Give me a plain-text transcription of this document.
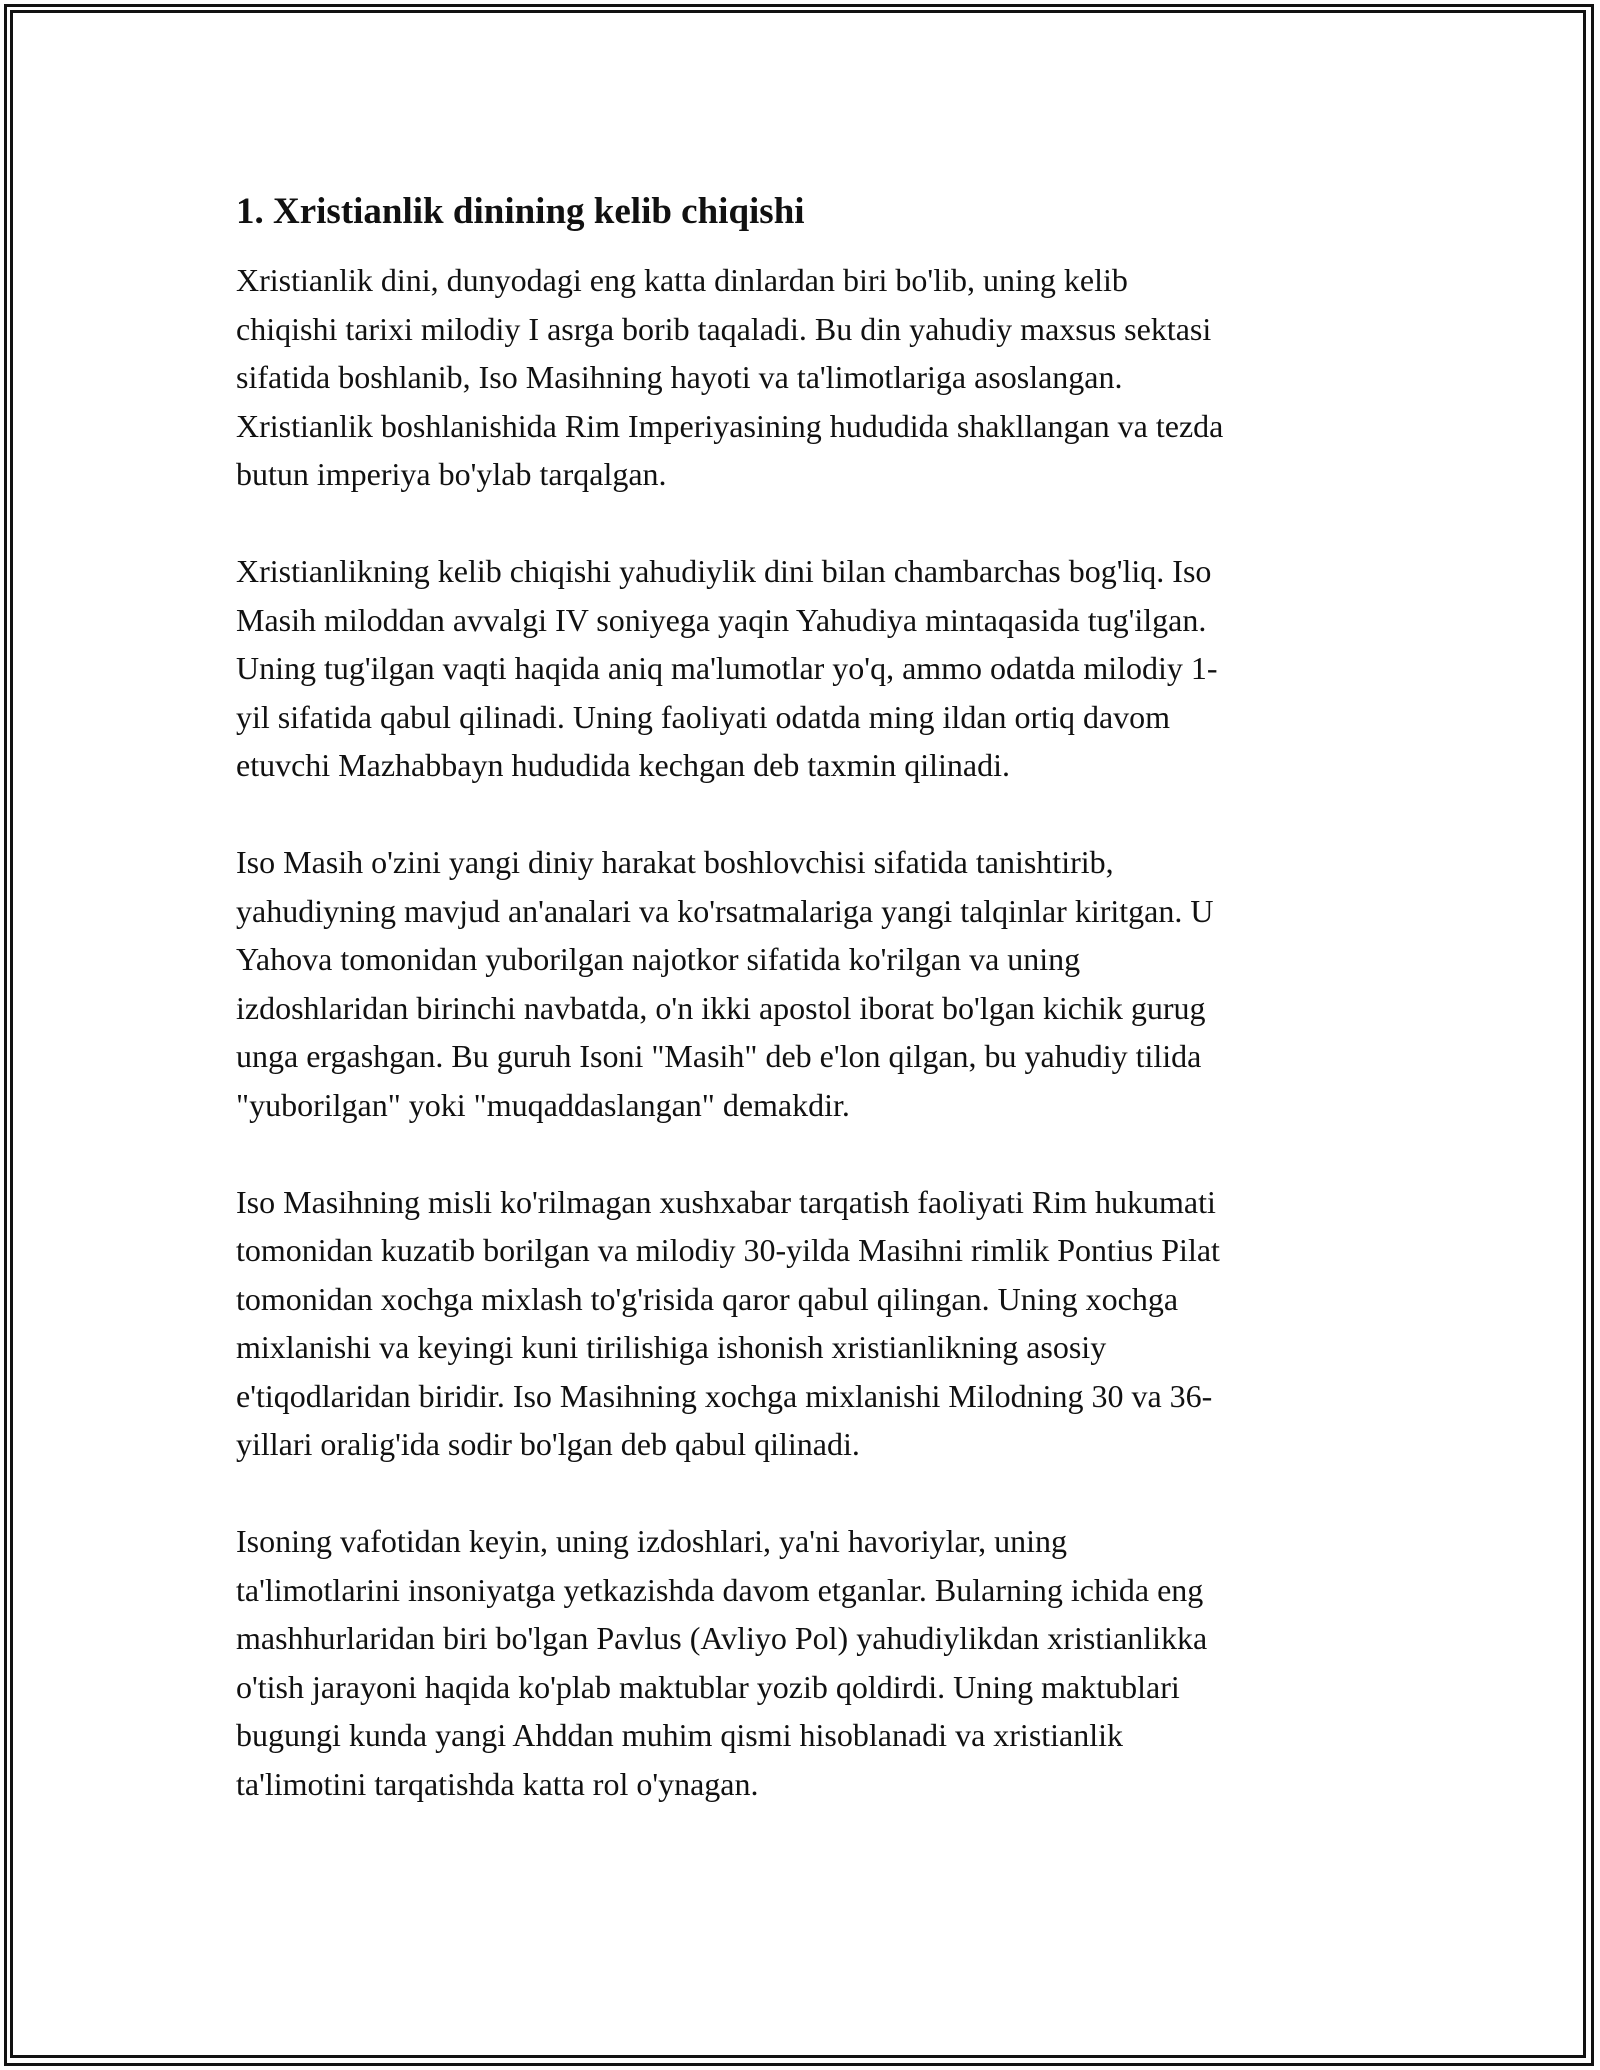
1. Xristianlik dinining kelib chiqishi
Xristianlik dini, dunyodagi eng katta dinlardan biri bo'lib, uning kelib
chiqishi tarixi milodiy I asrga borib taqaladi. Bu din yahudiy maxsus sektasi
sifatida boshlanib, Iso Masihning hayoti va ta'limotlariga asoslangan.
Xristianlik boshlanishida Rim Imperiyasining hududida shakllangan va tezda
butun imperiya bo'ylab tarqalgan.
Xristianlikning kelib chiqishi yahudiylik dini bilan chambarchas bog'liq. Iso
Masih miloddan avvalgi IV soniyega yaqin Yahudiya mintaqasida tug'ilgan.
Uning tug'ilgan vaqti haqida aniq ma'lumotlar yo'q, ammo odatda milodiy 1-
yil sifatida qabul qilinadi. Uning faoliyati odatda ming ildan ortiq davom
etuvchi Mazhabbayn hududida kechgan deb taxmin qilinadi.
Iso Masih o'zini yangi diniy harakat boshlovchisi sifatida tanishtirib,
yahudiyning mavjud an'analari va ko'rsatmalariga yangi talqinlar kiritgan. U
Yahova tomonidan yuborilgan najotkor sifatida ko'rilgan va uning
izdoshlaridan birinchi navbatda, o'n ikki apostol iborat bo'lgan kichik gurug
unga ergashgan. Bu guruh Isoni "Masih" deb e'lon qilgan, bu yahudiy tilida
"yuborilgan" yoki "muqaddaslangan" demakdir.
Iso Masihning misli ko'rilmagan xushxabar tarqatish faoliyati Rim hukumati
tomonidan kuzatib borilgan va milodiy 30-yilda Masihni rimlik Pontius Pilat
tomonidan xochga mixlash to'g'risida qaror qabul qilingan. Uning xochga
mixlanishi va keyingi kuni tirilishiga ishonish xristianlikning asosiy
e'tiqodlaridan biridir. Iso Masihning xochga mixlanishi Milodning 30 va 36-
yillari oralig'ida sodir bo'lgan deb qabul qilinadi.
Isoning vafotidan keyin, uning izdoshlari, ya'ni havoriylar, uning
ta'limotlarini insoniyatga yetkazishda davom etganlar. Bularning ichida eng
mashhurlaridan biri bo'lgan Pavlus (Avliyo Pol) yahudiylikdan xristianlikka
o'tish jarayoni haqida ko'plab maktublar yozib qoldirdi. Uning maktublari
bugungi kunda yangi Ahddan muhim qismi hisoblanadi va xristianlik
ta'limotini tarqatishda katta rol o'ynagan.
